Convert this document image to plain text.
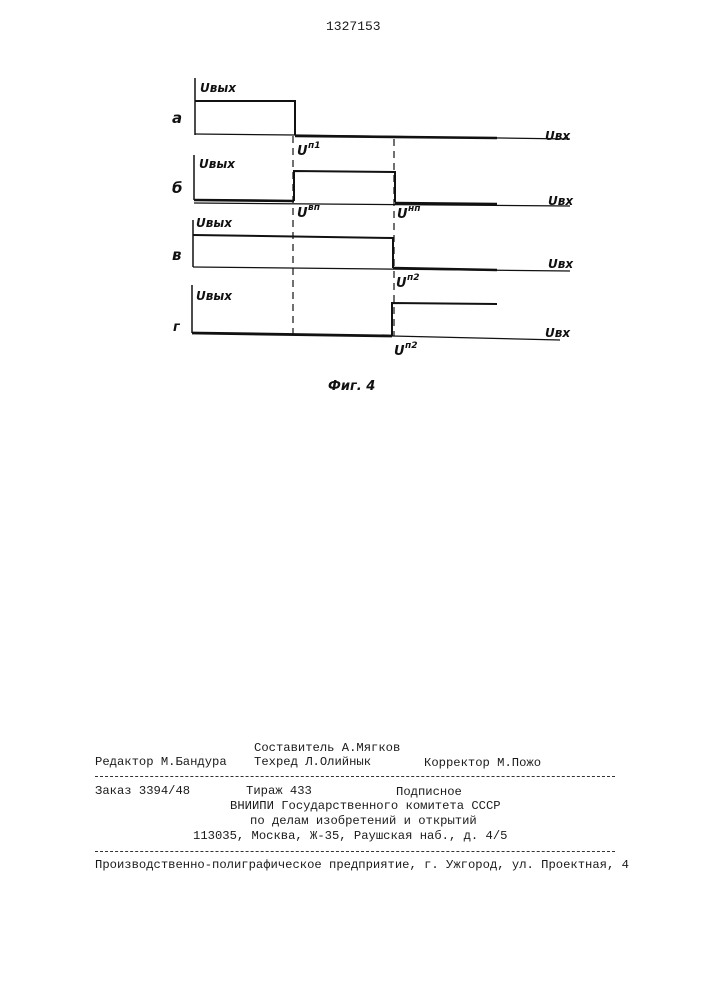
1327153
а
Uвых
Uвх
б
Uвых
Uвх
в
Uвых
Uвх
г
Uвых
Uвх
U п1
U вп	U нп
U п2
U п2
Фиг. 4
Составитель А.Мягков
Редактор М.Бандура Техред Л.Олийнык	Корректор М.Пожо
Заказ 3394/48	Тираж 433	Подписное
ВНИИПИ Государственного комитета СССР
по делам изобретений и открытий
113035, Москва, Ж-35, Раушская наб., д. 4/5
Производственно-полиграфическое предприятие, г. Ужгород, ул. Проектная, 4
